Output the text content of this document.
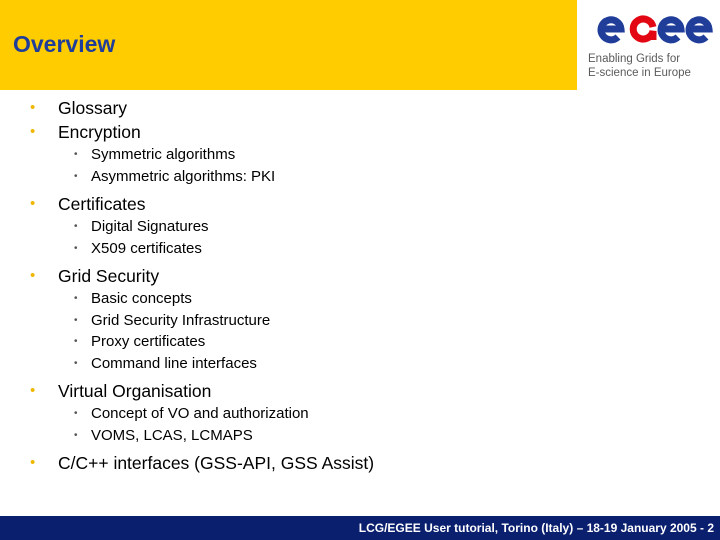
Overview
Enabling Grids for
E-science in Europe
• Glossary
• Encryption
• Symmetric algorithms
• Asymmetric algorithms: PKI
• Certificates
• Digital Signatures
• X509 certificates
• Grid Security
• Basic concepts
• Grid Security Infrastructure
• Proxy certificates
• Command line interfaces
• Virtual Organisation
• Concept of VO and authorization
• VOMS, LCAS, LCMAPS
• C/C++ interfaces (GSS-API, GSS Assist)
LCG/EGEE User tutorial, Torino (Italy) – 18-19 January 2005 - 2
